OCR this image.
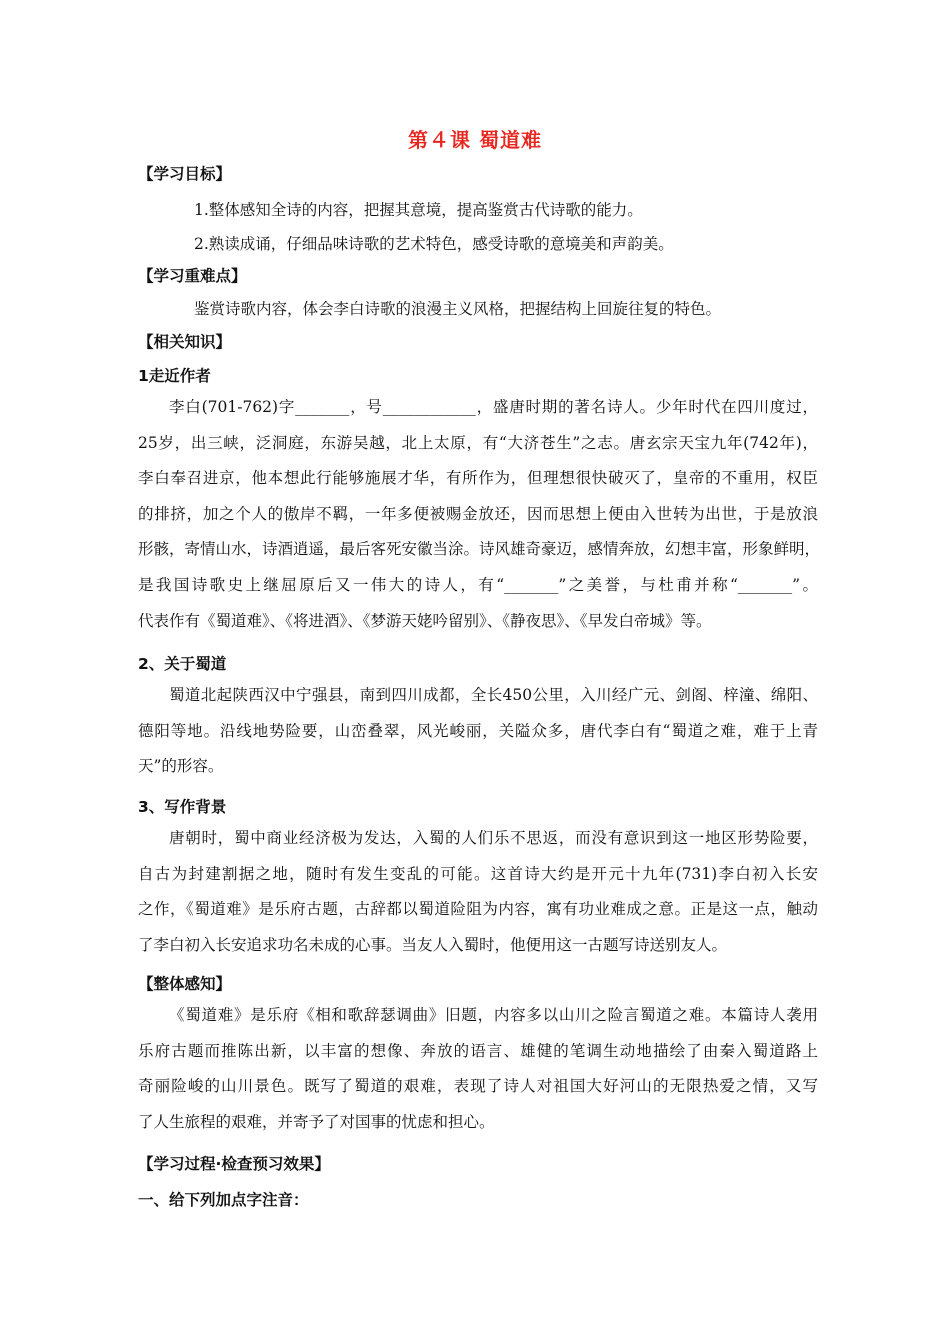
第４课 蜀道难
【学习目标】
1.整体感知全诗的内容，把握其意境，提高鉴赏古代诗歌的能力。
2.熟读成诵，仔细品味诗歌的艺术特色，感受诗歌的意境美和声韵美。
【学习重难点】
鉴赏诗歌内容，体会李白诗歌的浪漫主义风格，把握结构上回旋往复的特色。
【相关知识】
1走近作者
李白(701-762)字_______，号____________，盛唐时期的著名诗人。少年时代在四川度过，
25岁，出三峡，泛洞庭，东游吴越，北上太原，有“大济苍生”之志。唐玄宗天宝九年(742年)，
李白奉召进京，他本想此行能够施展才华，有所作为，但理想很快破灭了，皇帝的不重用，权臣
的排挤，加之个人的傲岸不羁，一年多便被赐金放还，因而思想上便由入世转为出世，于是放浪
形骸，寄情山水，诗酒逍遥，最后客死安徽当涂。诗风雄奇豪迈，感情奔放，幻想丰富，形象鲜明，
是我国诗歌史上继屈原后又一伟大的诗人，有“_______”之美誉，与杜甫并称“_______”。
代表作有《蜀道难》、《将进酒》、《梦游天姥吟留别》、《静夜思》、《早发白帝城》等。
2、关于蜀道
蜀道北起陕西汉中宁强县，南到四川成都，全长450公里，入川经广元、剑阁、梓潼、绵阳、
德阳等地。沿线地势险要，山峦叠翠，风光峻丽，关隘众多，唐代李白有“蜀道之难，难于上青
天”的形容。
3、写作背景
唐朝时，蜀中商业经济极为发达，入蜀的人们乐不思返，而没有意识到这一地区形势险要，
自古为封建割据之地，随时有发生变乱的可能。这首诗大约是开元十九年(731)李白初入长安
之作，《蜀道难》是乐府古题，古辞都以蜀道险阻为内容，寓有功业难成之意。正是这一点，触动
了李白初入长安追求功名未成的心事。当友人入蜀时，他便用这一古题写诗送别友人。
【整体感知】
《蜀道难》是乐府《相和歌辞瑟调曲》旧题，内容多以山川之险言蜀道之难。本篇诗人袭用
乐府古题而推陈出新，以丰富的想像、奔放的语言、雄健的笔调生动地描绘了由秦入蜀道路上
奇丽险峻的山川景色。既写了蜀道的艰难，表现了诗人对祖国大好河山的无限热爱之情，又写
了人生旅程的艰难，并寄予了对国事的忧虑和担心。
【学习过程·检查预习效果】
一、给下列加点字注音：
